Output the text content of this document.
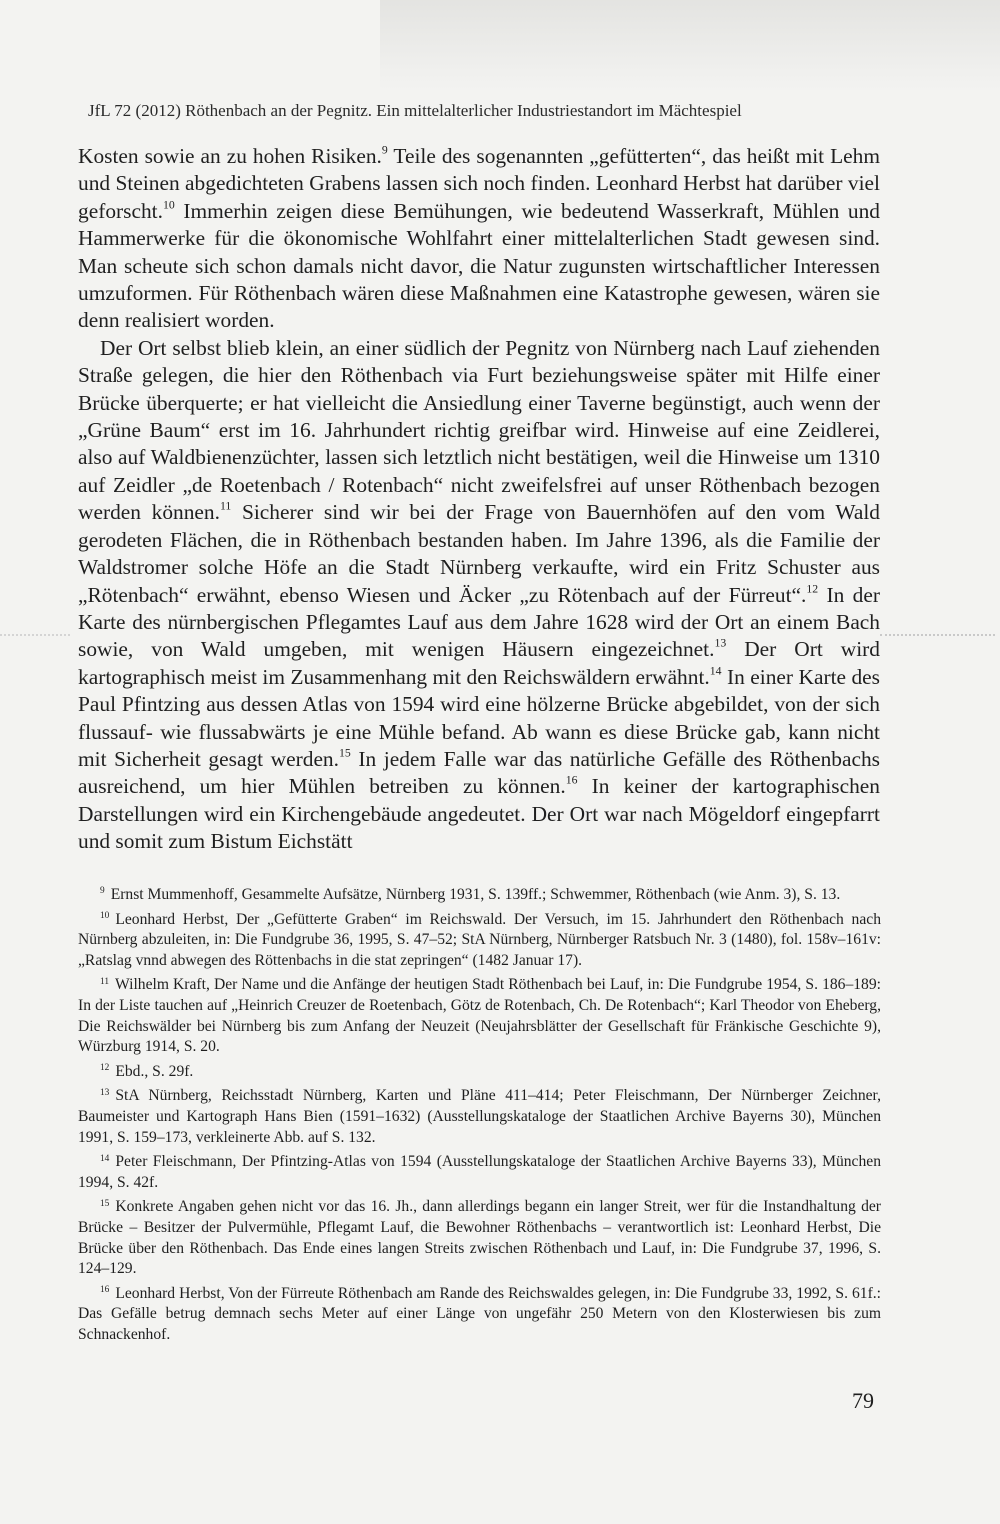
JfL 72 (2012) Röthenbach an der Pegnitz. Ein mittelalterlicher Industriestandort im Mächtespiel

Kosten sowie an zu hohen Risiken.$^9$ Teile des sogenannten „gefütterten“, das heißt mit Lehm und Steinen abgedichteten Grabens lassen sich noch finden. Leonhard Herbst hat darüber viel geforscht.$^{10}$ Immerhin zeigen diese Bemühungen, wie bedeutend Wasserkraft, Mühlen und Hammerwerke für die ökonomische Wohlfahrt einer mittelalterlichen Stadt gewesen sind. Man scheute sich schon damals nicht davor, die Natur zugunsten wirtschaftlicher Interessen umzuformen. Für Röthenbach wären diese Maßnahmen eine Katastrophe gewesen, wären sie denn realisiert worden.

Der Ort selbst blieb klein, an einer südlich der Pegnitz von Nürnberg nach Lauf ziehenden Straße gelegen, die hier den Röthenbach via Furt beziehungsweise später mit Hilfe einer Brücke überquerte; er hat vielleicht die Ansiedlung einer Taverne begünstigt, auch wenn der „Grüne Baum“ erst im 16. Jahrhundert richtig greifbar wird. Hinweise auf eine Zeidlerei, also auf Waldbienenzüchter, lassen sich letztlich nicht bestätigen, weil die Hinweise um 1310 auf Zeidler „de Roetenbach / Rotenbach“ nicht zweifelsfrei auf unser Röthenbach bezogen werden können.$^{11}$ Sicherer sind wir bei der Frage von Bauernhöfen auf den vom Wald gerodeten Flächen, die in Röthenbach bestanden haben. Im Jahre 1396, als die Familie der Waldstromer solche Höfe an die Stadt Nürnberg verkaufte, wird ein Fritz Schuster aus „Rötenbach“ erwähnt, ebenso Wiesen und Äcker „zu Rötenbach auf der Fürreut“.$^{12}$ In der Karte des nürnbergischen Pflegamtes Lauf aus dem Jahre 1628 wird der Ort an einem Bach sowie, von Wald umgeben, mit wenigen Häusern eingezeichnet.$^{13}$ Der Ort wird kartographisch meist im Zusammenhang mit den Reichswäldern erwähnt.$^{14}$ In einer Karte des Paul Pfintzing aus dessen Atlas von 1594 wird eine hölzerne Brücke abgebildet, von der sich flussauf- wie flussabwärts je eine Mühle befand. Ab wann es diese Brücke gab, kann nicht mit Sicherheit gesagt werden.$^{15}$ In jedem Falle war das natürliche Gefälle des Röthenbachs ausreichend, um hier Mühlen betreiben zu können.$^{16}$ In keiner der kartographischen Darstellungen wird ein Kirchengebäude angedeutet. Der Ort war nach Mögeldorf eingepfarrt und somit zum Bistum Eichstätt

$^9$ Ernst Mummenhoff, Gesammelte Aufsätze, Nürnberg 1931, S. 139ff.; Schwemmer, Röthenbach (wie Anm. 3), S. 13.

$^{10}$ Leonhard Herbst, Der „Gefütterte Graben“ im Reichswald. Der Versuch, im 15. Jahrhundert den Röthenbach nach Nürnberg abzuleiten, in: Die Fundgrube 36, 1995, S. 47–52; StA Nürnberg, Nürnberger Ratsbuch Nr. 3 (1480), fol. 158v–161v: „Ratslag vnnd abwegen des Röttenbachs in die stat zepringen“ (1482 Januar 17).

$^{11}$ Wilhelm Kraft, Der Name und die Anfänge der heutigen Stadt Röthenbach bei Lauf, in: Die Fundgrube 1954, S. 186–189: In der Liste tauchen auf „Heinrich Creuzer de Roetenbach, Götz de Rotenbach, Ch. De Rotenbach“; Karl Theodor von Eheberg, Die Reichswälder bei Nürnberg bis zum Anfang der Neuzeit (Neujahrsblätter der Gesellschaft für Fränkische Geschichte 9), Würzburg 1914, S. 20.

$^{12}$ Ebd., S. 29f.

$^{13}$ StA Nürnberg, Reichsstadt Nürnberg, Karten und Pläne 411–414; Peter Fleischmann, Der Nürnberger Zeichner, Baumeister und Kartograph Hans Bien (1591–1632) (Ausstellungskataloge der Staatlichen Archive Bayerns 30), München 1991, S. 159–173, verkleinerte Abb. auf S. 132.

$^{14}$ Peter Fleischmann, Der Pfintzing-Atlas von 1594 (Ausstellungskataloge der Staatlichen Archive Bayerns 33), München 1994, S. 42f.

$^{15}$ Konkrete Angaben gehen nicht vor das 16. Jh., dann allerdings begann ein langer Streit, wer für die Instandhaltung der Brücke – Besitzer der Pulvermühle, Pflegamt Lauf, die Bewohner Röthenbachs – verantwortlich ist: Leonhard Herbst, Die Brücke über den Röthenbach. Das Ende eines langen Streits zwischen Röthenbach und Lauf, in: Die Fundgrube 37, 1996, S. 124–129.

$^{16}$ Leonhard Herbst, Von der Fürreute Röthenbach am Rande des Reichswaldes gelegen, in: Die Fundgrube 33, 1992, S. 61f.: Das Gefälle betrug demnach sechs Meter auf einer Länge von ungefähr 250 Metern von den Klosterwiesen bis zum Schnackenhof.

79
